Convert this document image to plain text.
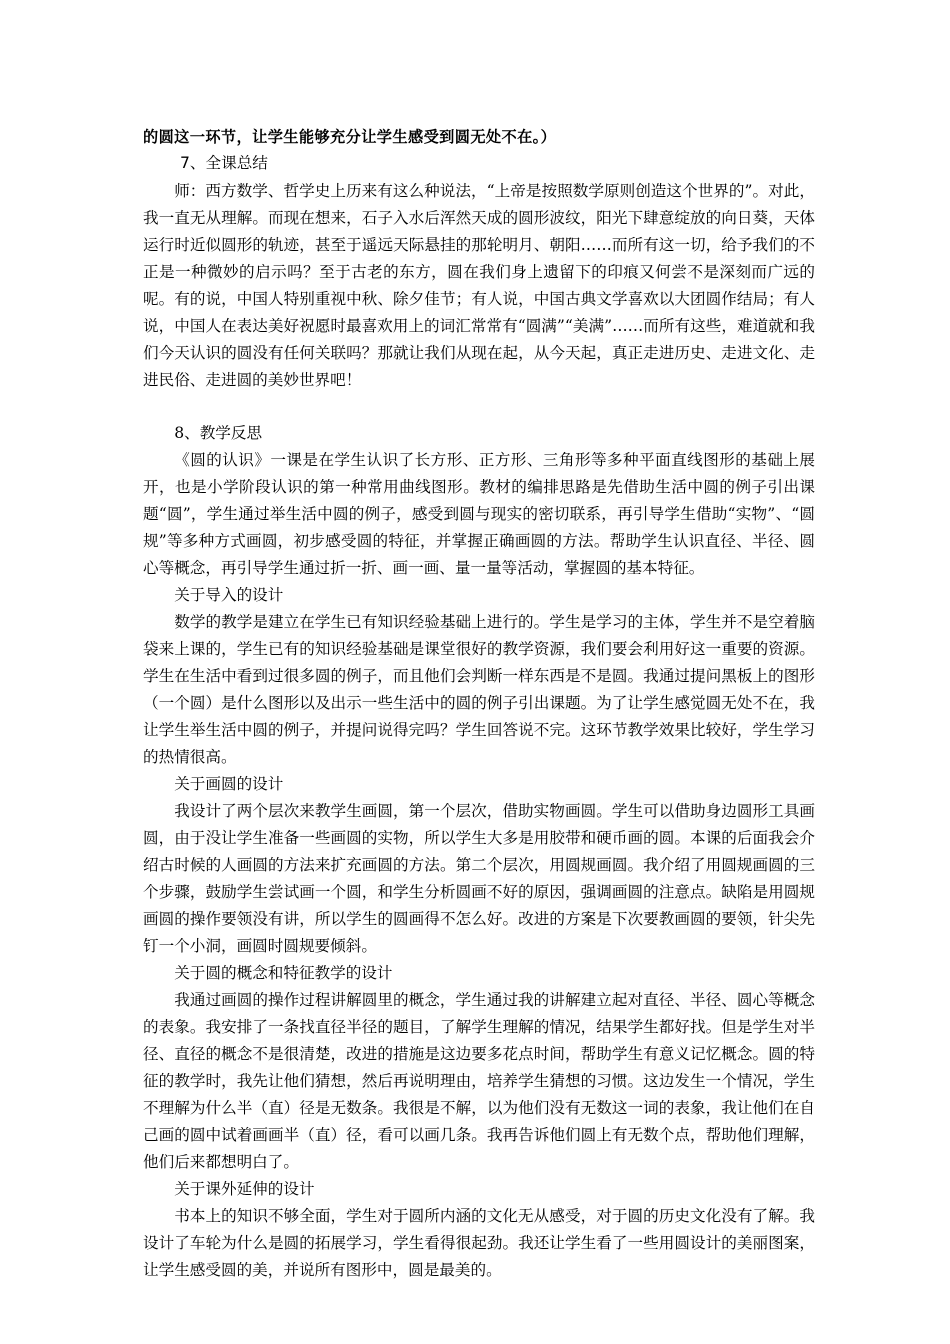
的圆这一环节，让学生能够充分让学生感受到圆无处不在。）

7、全课总结

师：西方数学、哲学史上历来有这么种说法，“上帝是按照数学原则创造这个世界的”。对此，我一直无从理解。而现在想来，石子入水后浑然天成的圆形波纹，阳光下肆意绽放的向日葵，天体运行时近似圆形的轨迹，甚至于遥远天际悬挂的那轮明月、朝阳……而所有这一切，给予我们的不正是一种微妙的启示吗？至于古老的东方，圆在我们身上遗留下的印痕又何尝不是深刻而广远的呢。有的说，中国人特别重视中秋、除夕佳节；有人说，中国古典文学喜欢以大团圆作结局；有人说，中国人在表达美好祝愿时最喜欢用上的词汇常常有“圆满”“美满”……而所有这些，难道就和我们今天认识的圆没有任何关联吗？那就让我们从现在起，从今天起，真正走进历史、走进文化、走进民俗、走进圆的美妙世界吧！

8、教学反思

《圆的认识》一课是在学生认识了长方形、正方形、三角形等多种平面直线图形的基础上展开，也是小学阶段认识的第一种常用曲线图形。教材的编排思路是先借助生活中圆的例子引出课题“圆”，学生通过举生活中圆的例子，感受到圆与现实的密切联系，再引导学生借助“实物”、“圆规”等多种方式画圆，初步感受圆的特征，并掌握正确画圆的方法。帮助学生认识直径、半径、圆心等概念，再引导学生通过折一折、画一画、量一量等活动，掌握圆的基本特征。

关于导入的设计

数学的教学是建立在学生已有知识经验基础上进行的。学生是学习的主体，学生并不是空着脑袋来上课的，学生已有的知识经验基础是课堂很好的教学资源，我们要会利用好这一重要的资源。学生在生活中看到过很多圆的例子，而且他们会判断一样东西是不是圆。我通过提问黑板上的图形（一个圆）是什么图形以及出示一些生活中的圆的例子引出课题。为了让学生感觉圆无处不在，我让学生举生活中圆的例子，并提问说得完吗？学生回答说不完。这环节教学效果比较好，学生学习的热情很高。

关于画圆的设计

我设计了两个层次来教学生画圆，第一个层次，借助实物画圆。学生可以借助身边圆形工具画圆，由于没让学生准备一些画圆的实物，所以学生大多是用胶带和硬币画的圆。本课的后面我会介绍古时候的人画圆的方法来扩充画圆的方法。第二个层次，用圆规画圆。我介绍了用圆规画圆的三个步骤，鼓励学生尝试画一个圆，和学生分析圆画不好的原因，强调画圆的注意点。缺陷是用圆规画圆的操作要领没有讲，所以学生的圆画得不怎么好。改进的方案是下次要教画圆的要领，针尖先钉一个小洞，画圆时圆规要倾斜。

关于圆的概念和特征教学的设计

我通过画圆的操作过程讲解圆里的概念，学生通过我的讲解建立起对直径、半径、圆心等概念的表象。我安排了一条找直径半径的题目，了解学生理解的情况，结果学生都好找。但是学生对半径、直径的概念不是很清楚，改进的措施是这边要多花点时间，帮助学生有意义记忆概念。圆的特征的教学时，我先让他们猜想，然后再说明理由，培养学生猜想的习惯。这边发生一个情况，学生不理解为什么半（直）径是无数条。我很是不解，以为他们没有无数这一词的表象，我让他们在自己画的圆中试着画画半（直）径，看可以画几条。我再告诉他们圆上有无数个点，帮助他们理解，他们后来都想明白了。

关于课外延伸的设计

书本上的知识不够全面，学生对于圆所内涵的文化无从感受，对于圆的历史文化没有了解。我设计了车轮为什么是圆的拓展学习，学生看得很起劲。我还让学生看了一些用圆设计的美丽图案，让学生感受圆的美，并说所有图形中，圆是最美的。
